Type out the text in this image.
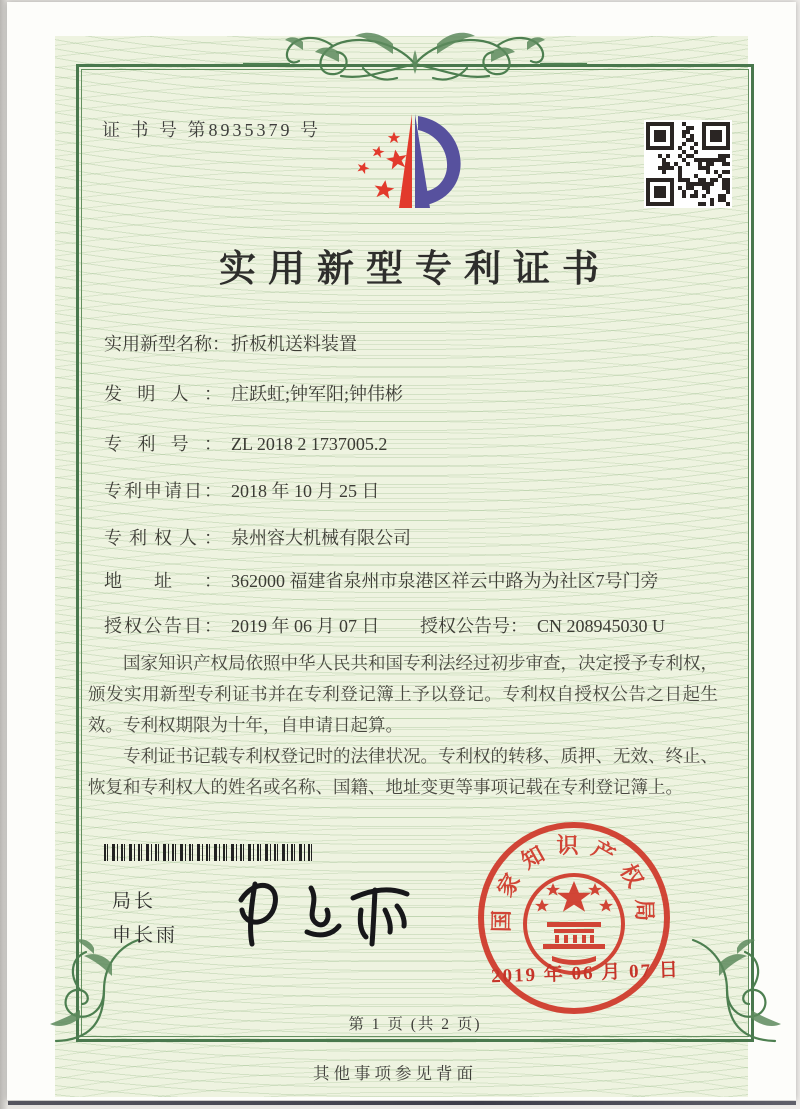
证 书 号 第8935379 号
实用新型专利证书
实用新型名称：折板机送料装置
发明人： 庄跃虹;钟军阳;钟伟彬
专利号： ZL 2018 2 1737005.2
专利申请日： 2018 年 10 月 25 日
专利权人： 泉州容大机械有限公司
地址： 362000 福建省泉州市泉港区祥云中路为为社区7号门旁
授权公告日： 2019 年 06 月 07 日 授权公告号： CN 208945030 U

国家知识产权局依照中华人民共和国专利法经过初步审查，决定授予专利权，颁发实用新型专利证书并在专利登记簿上予以登记。专利权自授权公告之日起生效。专利权期限为十年，自申请日起算。

专利证书记载专利权登记时的法律状况。专利权的转移、质押、无效、终止、恢复和专利权人的姓名或名称、国籍、地址变更等事项记载在专利登记簿上。

局长
申长雨
国家知识产权局
2019 年 06 月 07 日
第 1 页 (共 2 页)
其他事项参见背面
